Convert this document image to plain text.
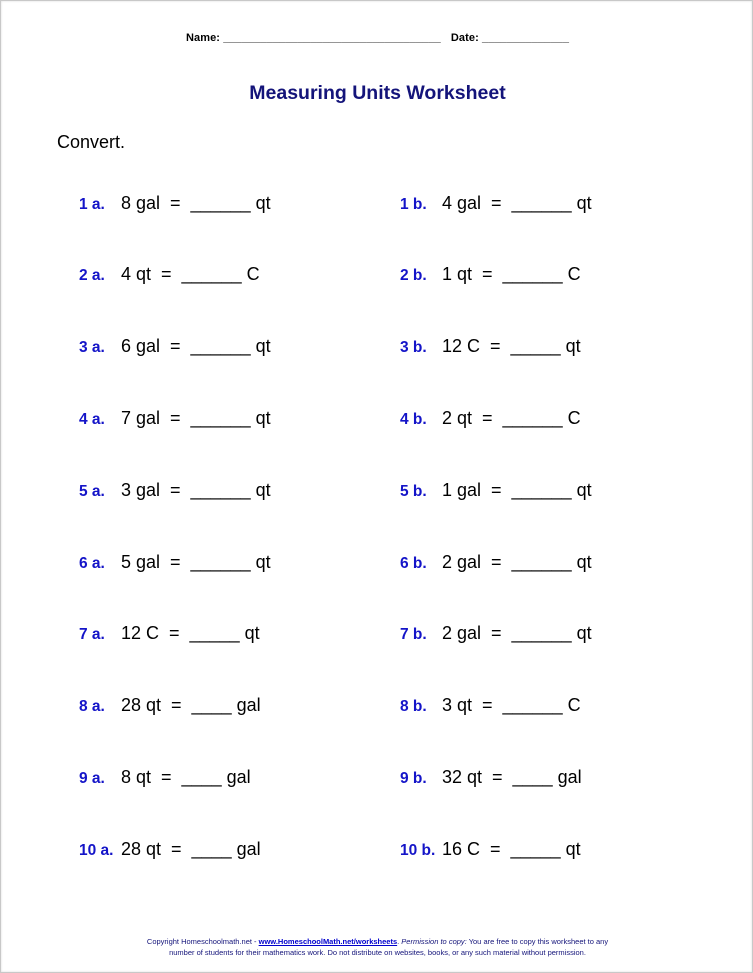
Name: ___________________________________ Date: ______________
Measuring Units Worksheet
Convert.
1 a. 8 gal  =  ______ qt
2 a. 4 qt  =  ______ C
3 a. 6 gal  =  ______ qt
4 a. 7 gal  =  ______ qt
5 a. 3 gal  =  ______ qt
6 a. 5 gal  =  ______ qt
7 a. 12 C  =  _____ qt
8 a. 28 qt  =  ____ gal
9 a. 8 qt  =  ____ gal
10 a. 28 qt  =  ____ gal
1 b. 4 gal  =  ______ qt
2 b. 1 qt  =  ______ C
3 b. 12 C  =  _____ qt
4 b. 2 qt  =  ______ C
5 b. 1 gal  =  ______ qt
6 b. 2 gal  =  ______ qt
7 b. 2 gal  =  ______ qt
8 b. 3 qt  =  ______ C
9 b. 32 qt  =  ____ gal
10 b. 16 C  =  _____ qt
Copyright Homeschoolmath.net - www.HomeschoolMath.net/worksheets. Permission to copy: You are free to copy this worksheet to any
number of students for their mathematics work. Do not distribute on websites, books, or any such material without permission.
